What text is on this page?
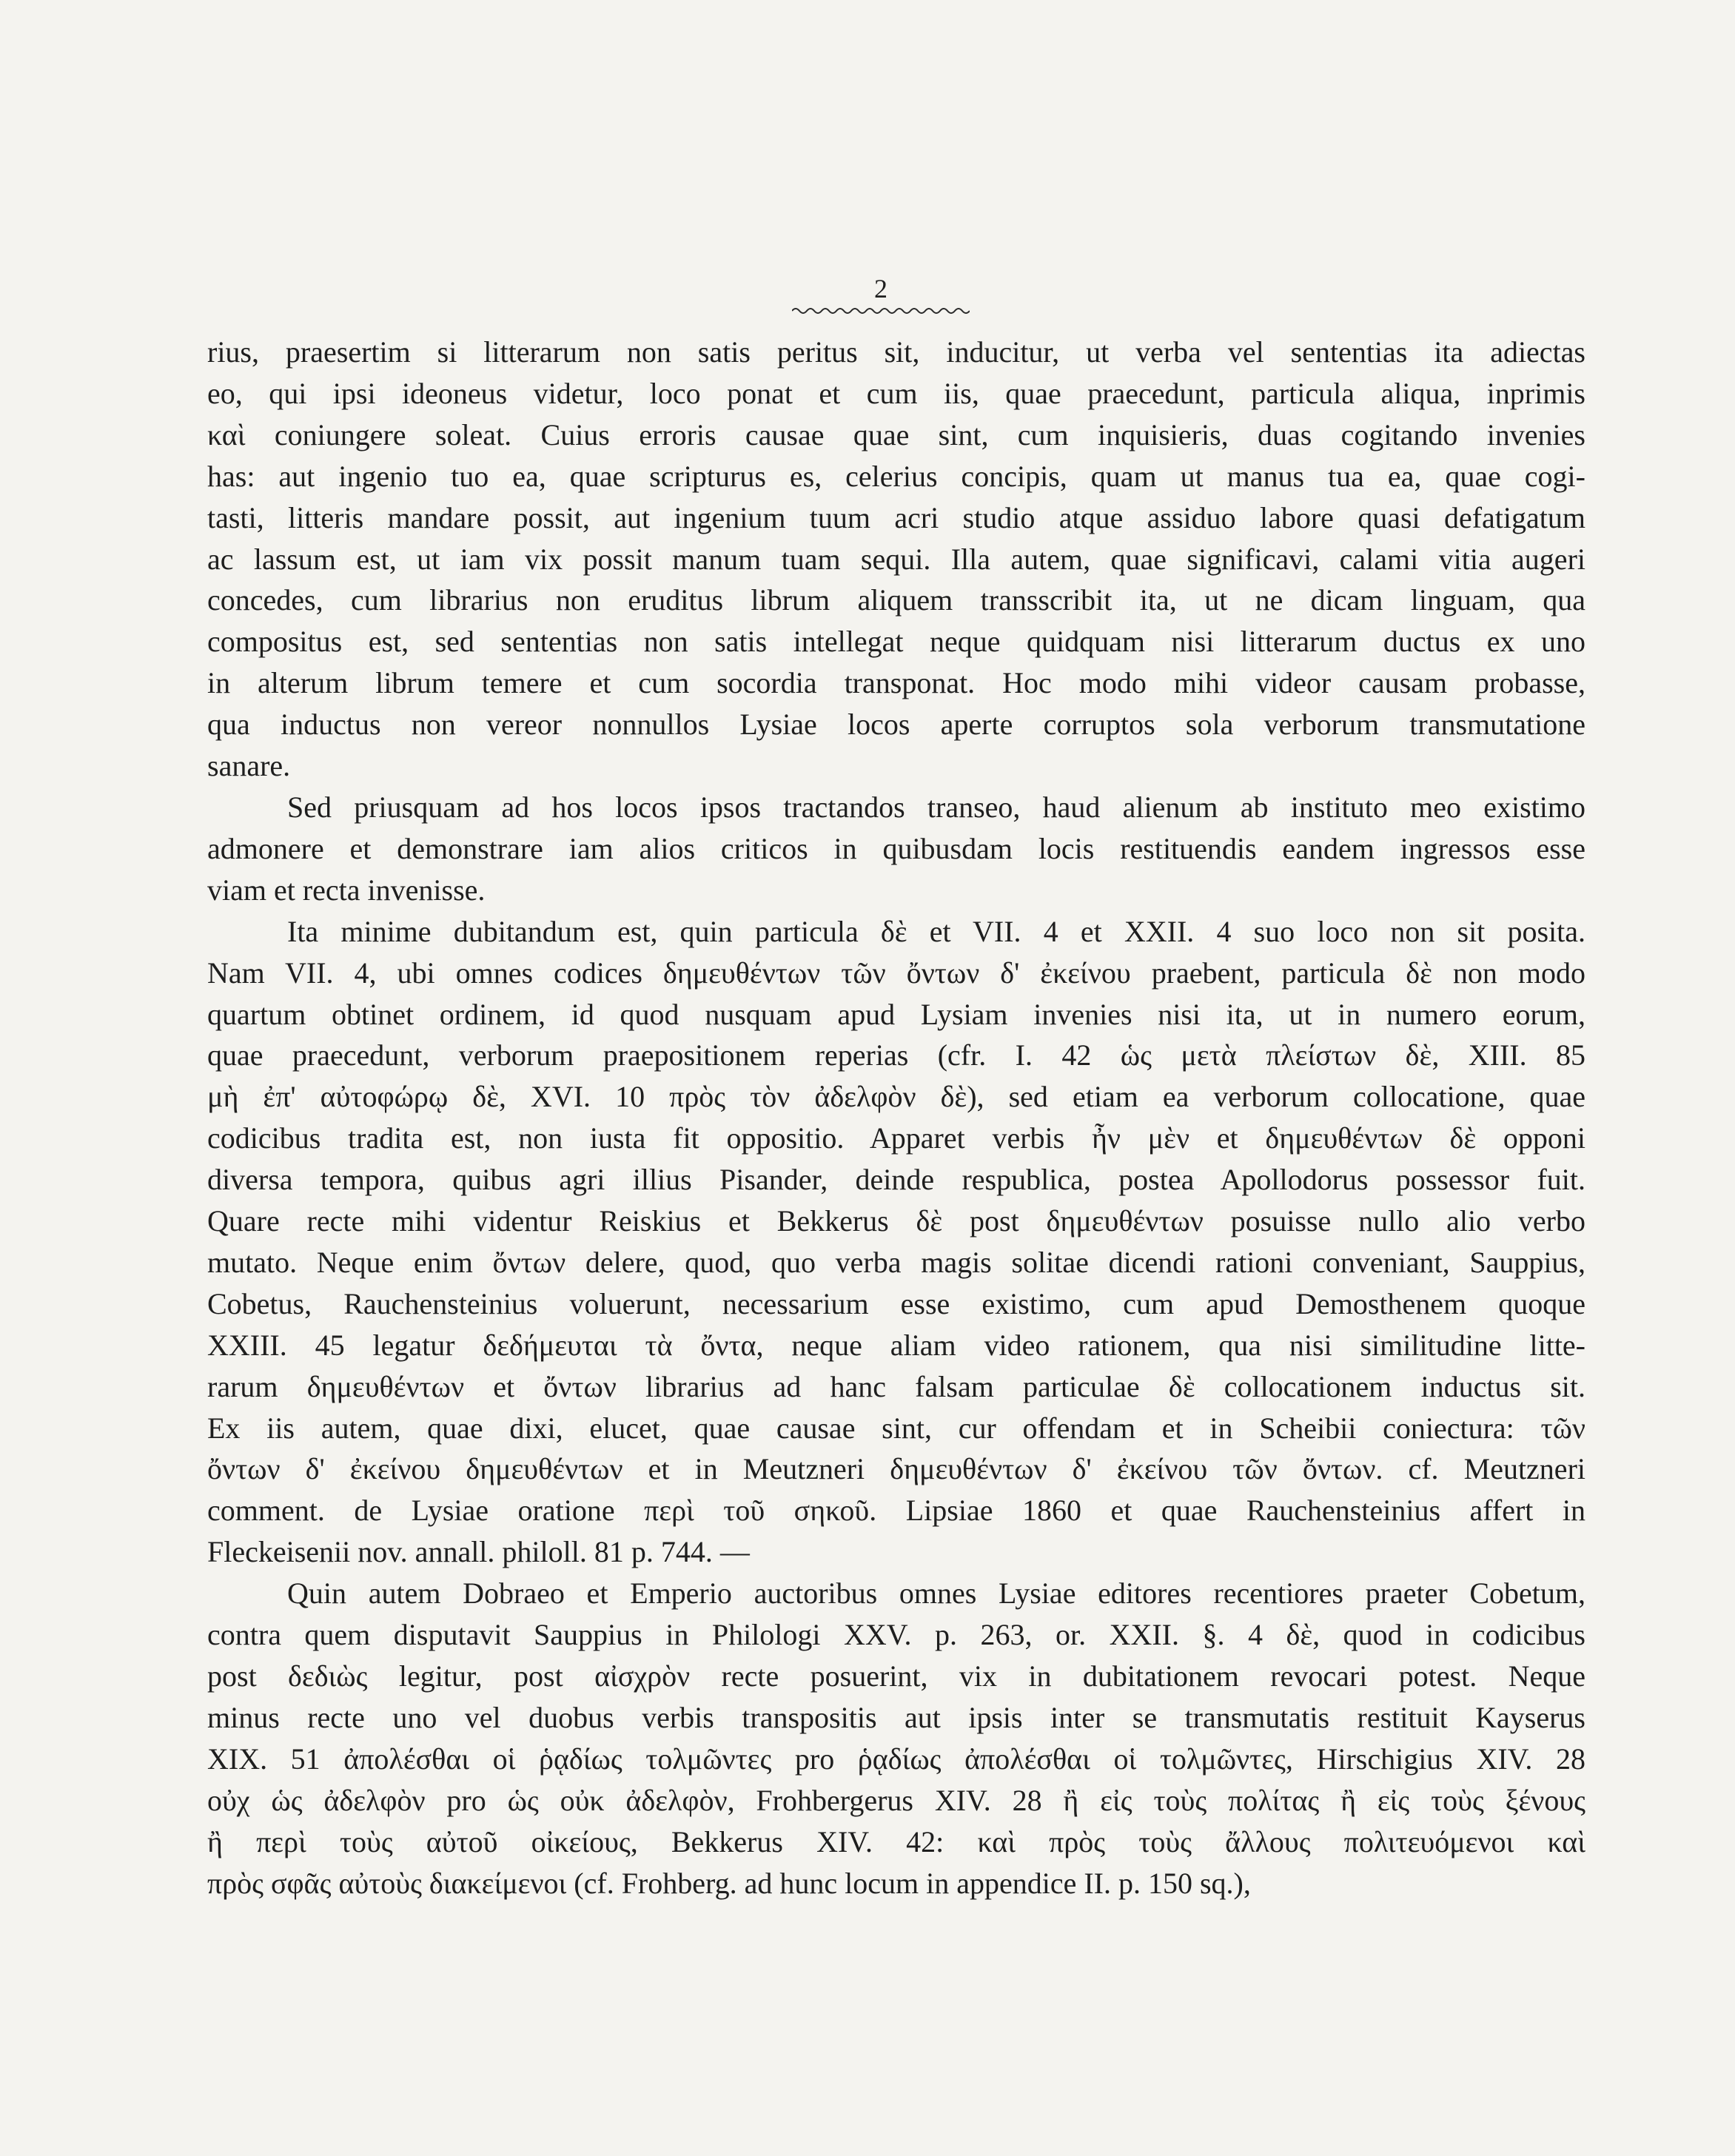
2

rius, praesertim si litterarum non satis peritus sit, inducitur, ut verba vel sententias ita adiectas

eo, qui ipsi ideoneus videtur, loco ponat et cum iis, quae praecedunt, particula aliqua, inprimis

καὶ coniungere soleat. Cuius erroris causae quae sint, cum inquisieris, duas cogitando invenies

has: aut ingenio tuo ea, quae scripturus es, celerius concipis, quam ut manus tua ea, quae cogi-

tasti, litteris mandare possit, aut ingenium tuum acri studio atque assiduo labore quasi defatigatum

ac lassum est, ut iam vix possit manum tuam sequi. Illa autem, quae significavi, calami vitia augeri

concedes, cum librarius non eruditus librum aliquem transscribit ita, ut ne dicam linguam, qua

compositus est, sed sententias non satis intellegat neque quidquam nisi litterarum ductus ex uno

in alterum librum temere et cum socordia transponat. Hoc modo mihi videor causam probasse,

qua inductus non vereor nonnullos Lysiae locos aperte corruptos sola verborum transmutatione

sanare.

Sed priusquam ad hos locos ipsos tractandos transeo, haud alienum ab instituto meo existimo

admonere et demonstrare iam alios criticos in quibusdam locis restituendis eandem ingressos esse

viam et recta invenisse.

Ita minime dubitandum est, quin particula δὲ et VII. 4 et XXII. 4 suo loco non sit posita.

Nam VII. 4, ubi omnes codices δημευθέντων τῶν ὄντων δ' ἐκείνου praebent, particula δὲ non modo

quartum obtinet ordinem, id quod nusquam apud Lysiam invenies nisi ita, ut in numero eorum,

quae praecedunt, verborum praepositionem reperias (cfr. I. 42 ὡς μετὰ πλείστων δὲ, XIII. 85

μὴ ἐπ' αὐτοφώρῳ δὲ, XVI. 10 πρὸς τὸν ἀδελφὸν δὲ), sed etiam ea verborum collocatione, quae

codicibus tradita est, non iusta fit oppositio. Apparet verbis ἦν μὲν et δημευθέντων δὲ opponi

diversa tempora, quibus agri illius Pisander, deinde respublica, postea Apollodorus possessor fuit.

Quare recte mihi videntur Reiskius et Bekkerus δὲ post δημευθέντων posuisse nullo alio verbo

mutato. Neque enim ὄντων delere, quod, quo verba magis solitae dicendi rationi conveniant, Sauppius,

Cobetus, Rauchensteinius voluerunt, necessarium esse existimo, cum apud Demosthenem quoque

XXIII. 45 legatur δεδήμευται τὰ ὄντα, neque aliam video rationem, qua nisi similitudine litte-

rarum δημευθέντων et ὄντων librarius ad hanc falsam particulae δὲ collocationem inductus sit.

Ex iis autem, quae dixi, elucet, quae causae sint, cur offendam et in Scheibii coniectura: τῶν

ὄντων δ' ἐκείνου δημευθέντων et in Meutzneri δημευθέντων δ' ἐκείνου τῶν ὄντων. cf. Meutzneri

comment. de Lysiae oratione περὶ τοῦ σηκοῦ. Lipsiae 1860 et quae Rauchensteinius affert in

Fleckeisenii nov. annall. philoll. 81 p. 744. —

Quin autem Dobraeo et Emperio auctoribus omnes Lysiae editores recentiores praeter Cobetum,

contra quem disputavit Sauppius in Philologi XXV. p. 263, or. XXII. §. 4 δὲ, quod in codicibus

post δεδιὼς legitur, post αἰσχρὸν recte posuerint, vix in dubitationem revocari potest. Neque

minus recte uno vel duobus verbis transpositis aut ipsis inter se transmutatis restituit Kayserus

XIX. 51 ἀπολέσθαι οἱ ῥᾳδίως τολμῶντες pro ῥᾳδίως ἀπολέσθαι οἱ τολμῶντες, Hirschigius XIV. 28

οὐχ ὡς ἀδελφὸν pro ὡς οὐκ ἀδελφὸν, Frohbergerus XIV. 28 ἢ εἰς τοὺς πολίτας ἢ εἰς τοὺς ξένους

ἢ περὶ τοὺς αὐτοῦ οἰκείους, Bekkerus XIV. 42: καὶ πρὸς τοὺς ἄλλους πολιτευόμενοι καὶ

πρὸς σφᾶς αὐτοὺς διακείμενοι (cf. Frohberg. ad hunc locum in appendice II. p. 150 sq.),
